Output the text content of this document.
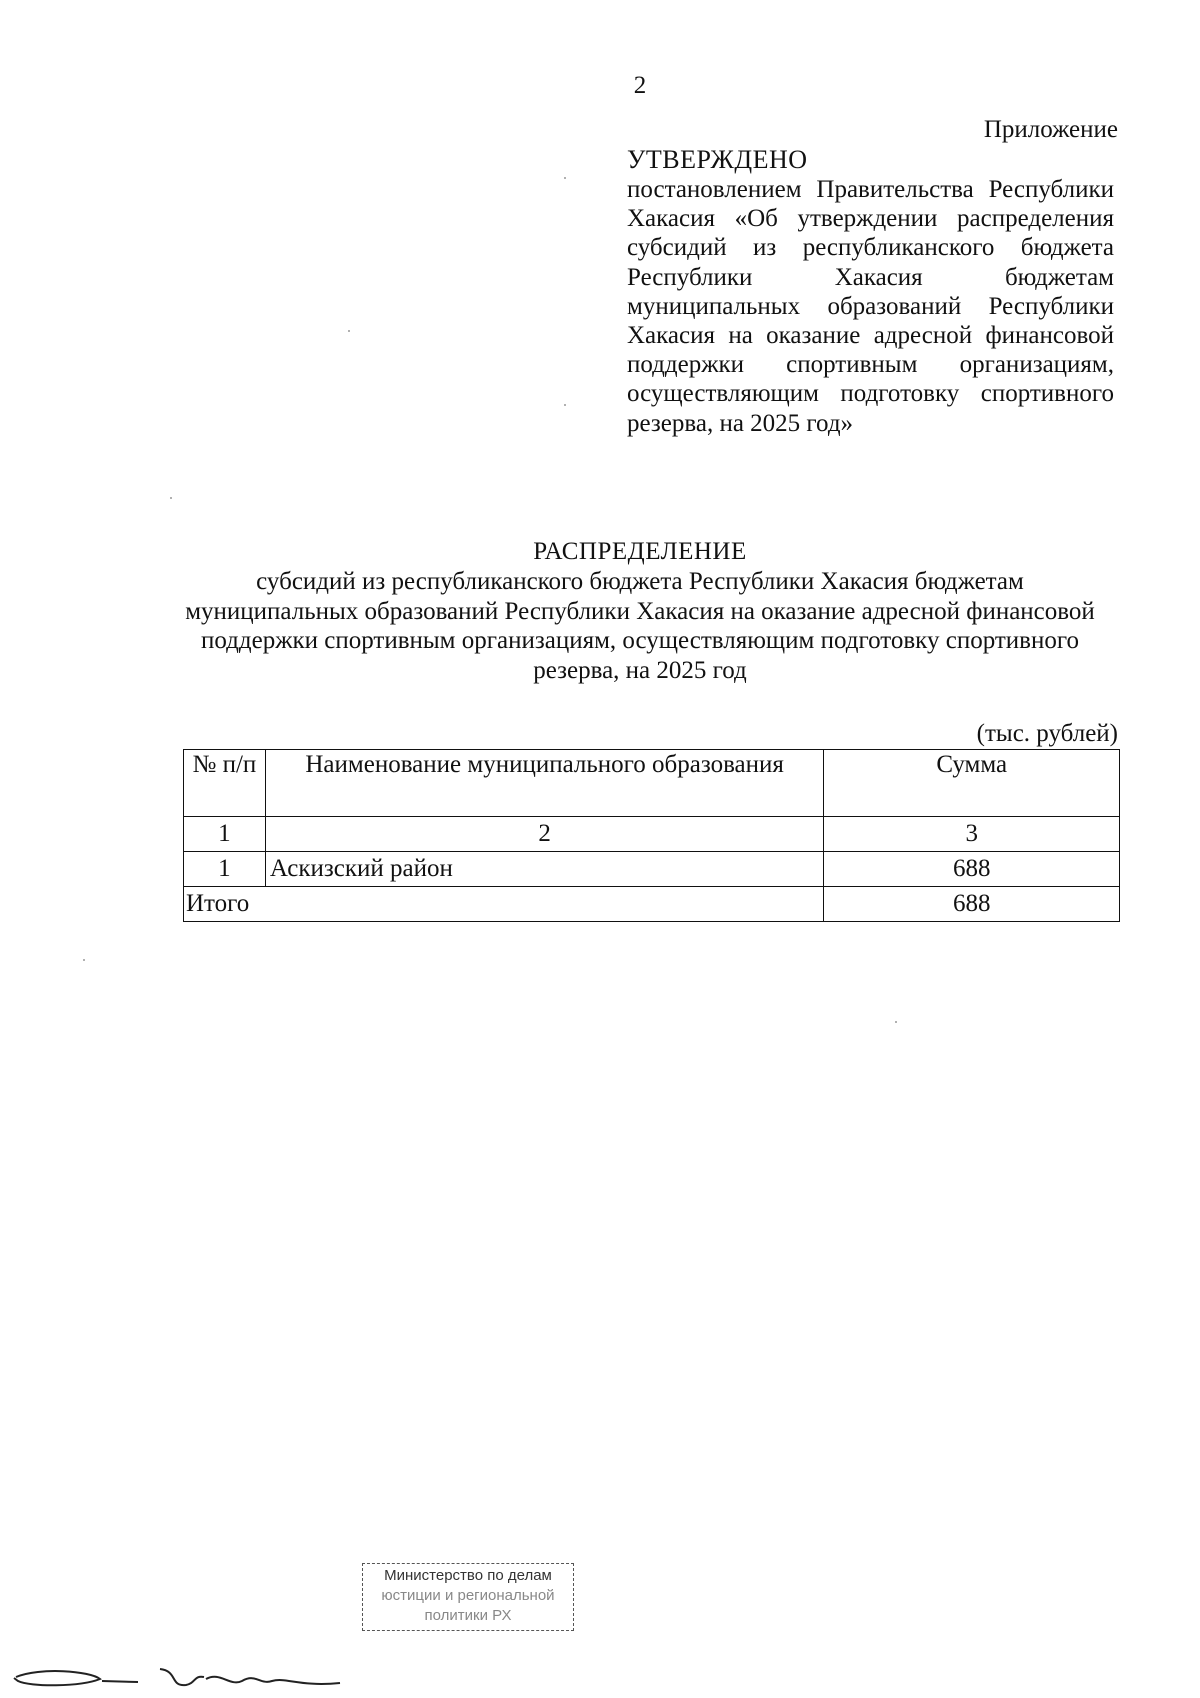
2
Приложение
УТВЕРЖДЕНО
постановлением Правительства Республики Хакасия «Об утверждении распределения субсидий из республиканского бюджета Республики Хакасия бюджетам муниципальных образований Республики Хакасия на оказание адресной финансовой поддержки спортивным организациям, осуществляющим подготовку спортивного резерва, на 2025 год»
РАСПРЕДЕЛЕНИЕ
субсидий из республиканского бюджета Республики Хакасия бюджетам муниципальных образований Республики Хакасия на оказание адресной финансовой поддержки спортивным организациям, осуществляющим подготовку спортивного резерва, на 2025 год
(тыс. рублей)
№ п/п	Наименование муниципального образования	Сумма
1	2	3
1	Аскизский район	688
Итого		688
Министерство по делам
юстиции и региональной
политики РХ
